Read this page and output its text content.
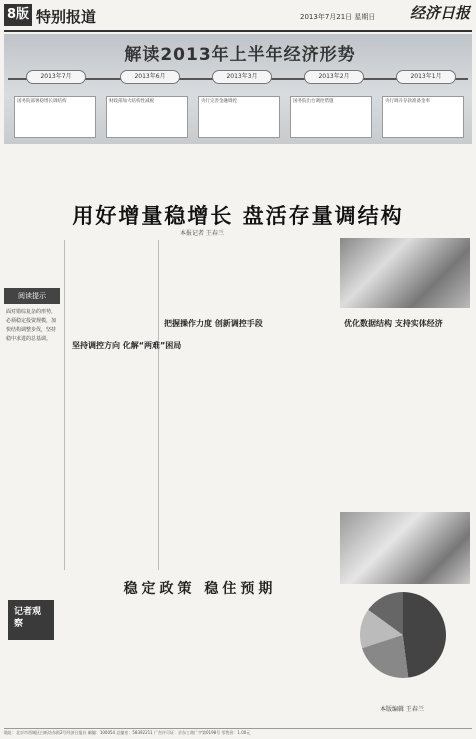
8版 特别报道	2013年7月21日 星期日 经济日报
解读2013年上半年经济形势
2013年7月	2013年6月	2013年3月	2013年2月	2013年1月
国务院部署稳增长调结构	财政部加大结构性减税	央行完善金融调控	国务院出台调控措施	央行调升存款准备金率
用好增量稳增长 盘活存量调结构
本报记者 王春兰
阅读提示
面对错综复杂的形势，必须稳定投资规模，加快结构调整步伐，坚持稳中求进的总基调。
坚持调控方向 化解“两难”困局
把握操作力度 创新调控手段	优化数据结构 支持实体经济
记者观察
稳定政策 稳住预期
本版编辑 王春兰
地址：北京市西城区白纸坊东街2号经济日报社 邮编：100054 总编室：58392211 广告许可证：京东工商广字第0198号 零售价：1.00元
